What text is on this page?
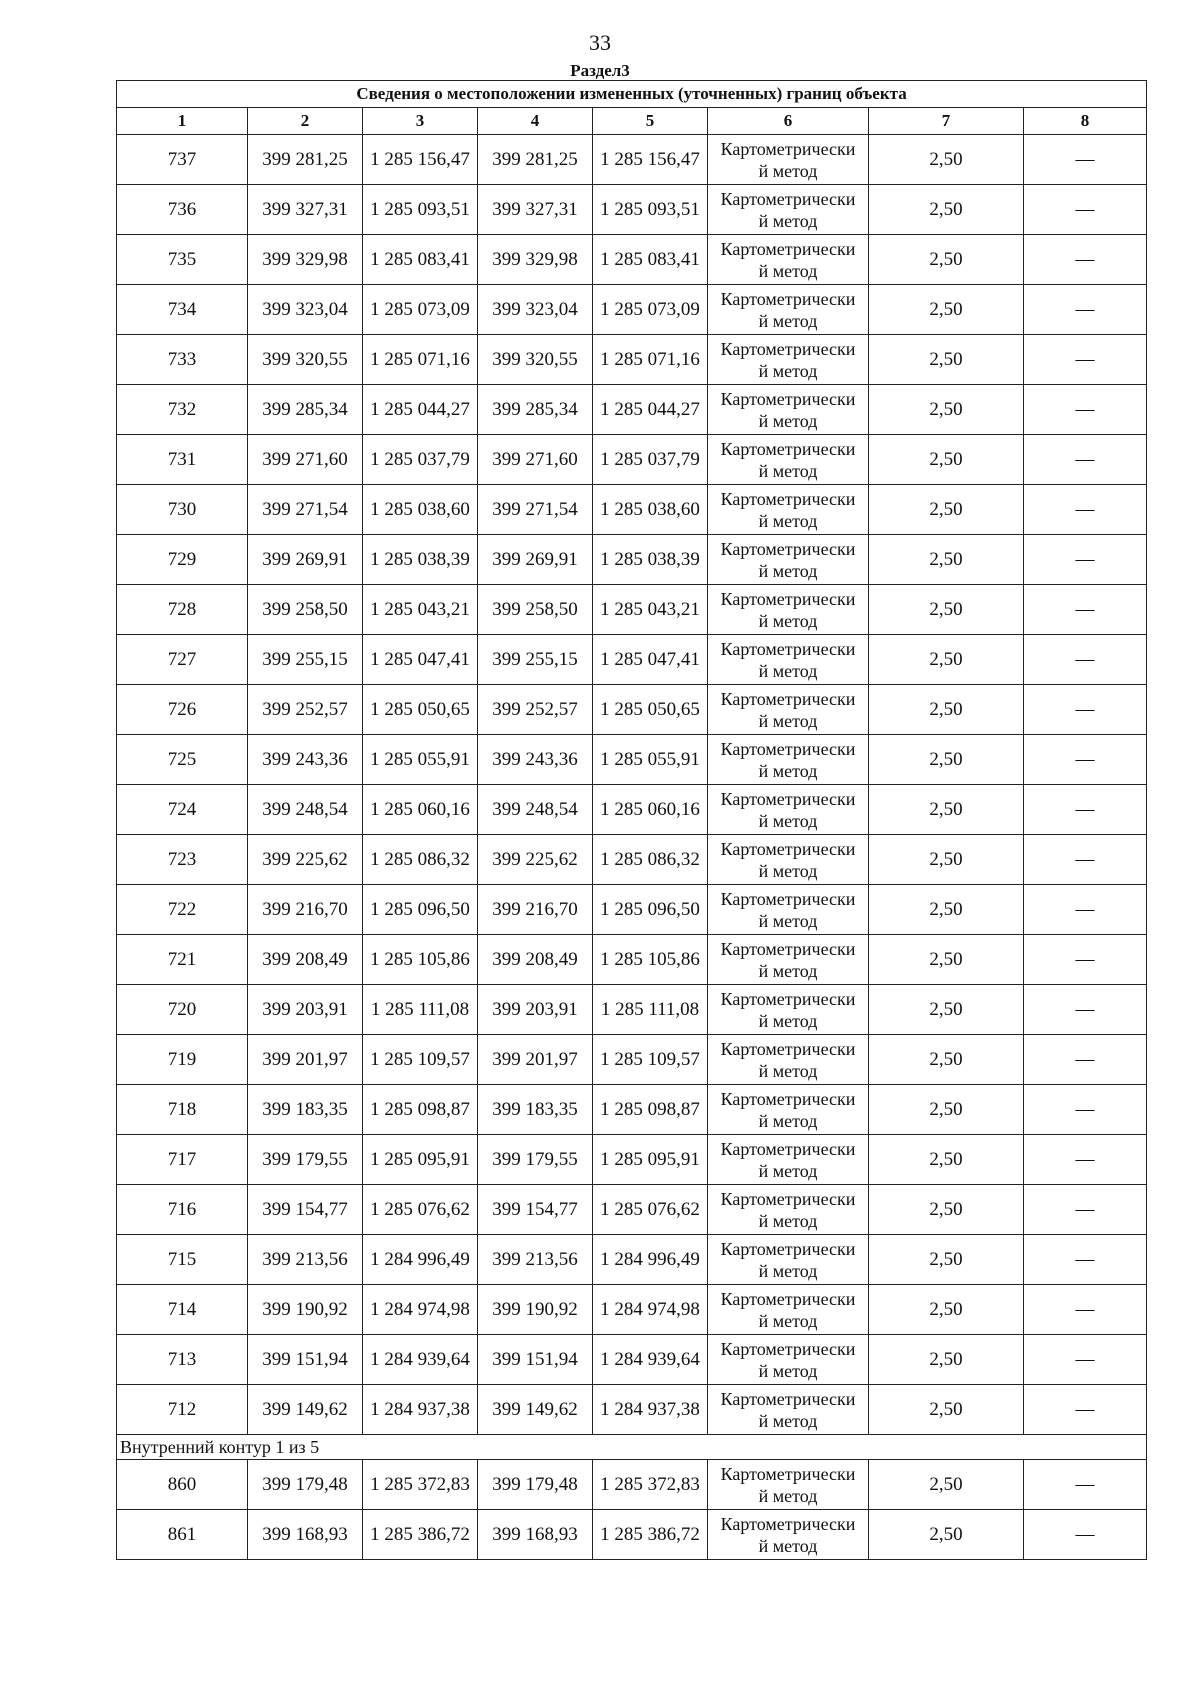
33
Раздел3
Сведения о местоположении измененных (уточненных) границ объекта							
1	2	3	4	5	6	7	8
737	399 281,25	1 285 156,47	399 281,25	1 285 156,47	Картометрически
й метод	2,50	—
736	399 327,31	1 285 093,51	399 327,31	1 285 093,51	Картометрически
й метод	2,50	—
735	399 329,98	1 285 083,41	399 329,98	1 285 083,41	Картометрически
й метод	2,50	—
734	399 323,04	1 285 073,09	399 323,04	1 285 073,09	Картометрически
й метод	2,50	—
733	399 320,55	1 285 071,16	399 320,55	1 285 071,16	Картометрически
й метод	2,50	—
732	399 285,34	1 285 044,27	399 285,34	1 285 044,27	Картометрически
й метод	2,50	—
731	399 271,60	1 285 037,79	399 271,60	1 285 037,79	Картометрически
й метод	2,50	—
730	399 271,54	1 285 038,60	399 271,54	1 285 038,60	Картометрически
й метод	2,50	—
729	399 269,91	1 285 038,39	399 269,91	1 285 038,39	Картометрически
й метод	2,50	—
728	399 258,50	1 285 043,21	399 258,50	1 285 043,21	Картометрически
й метод	2,50	—
727	399 255,15	1 285 047,41	399 255,15	1 285 047,41	Картометрически
й метод	2,50	—
726	399 252,57	1 285 050,65	399 252,57	1 285 050,65	Картометрически
й метод	2,50	—
725	399 243,36	1 285 055,91	399 243,36	1 285 055,91	Картометрически
й метод	2,50	—
724	399 248,54	1 285 060,16	399 248,54	1 285 060,16	Картометрически
й метод	2,50	—
723	399 225,62	1 285 086,32	399 225,62	1 285 086,32	Картометрически
й метод	2,50	—
722	399 216,70	1 285 096,50	399 216,70	1 285 096,50	Картометрически
й метод	2,50	—
721	399 208,49	1 285 105,86	399 208,49	1 285 105,86	Картометрически
й метод	2,50	—
720	399 203,91	1 285 111,08	399 203,91	1 285 111,08	Картометрически
й метод	2,50	—
719	399 201,97	1 285 109,57	399 201,97	1 285 109,57	Картометрически
й метод	2,50	—
718	399 183,35	1 285 098,87	399 183,35	1 285 098,87	Картометрически
й метод	2,50	—
717	399 179,55	1 285 095,91	399 179,55	1 285 095,91	Картометрически
й метод	2,50	—
716	399 154,77	1 285 076,62	399 154,77	1 285 076,62	Картометрически
й метод	2,50	—
715	399 213,56	1 284 996,49	399 213,56	1 284 996,49	Картометрически
й метод	2,50	—
714	399 190,92	1 284 974,98	399 190,92	1 284 974,98	Картометрически
й метод	2,50	—
713	399 151,94	1 284 939,64	399 151,94	1 284 939,64	Картометрически
й метод	2,50	—
712	399 149,62	1 284 937,38	399 149,62	1 284 937,38	Картометрически
й метод	2,50	—
Внутренний контур 1 из 5							
860	399 179,48	1 285 372,83	399 179,48	1 285 372,83	Картометрически
й метод	2,50	—
861	399 168,93	1 285 386,72	399 168,93	1 285 386,72	Картометрически
й метод	2,50	—
